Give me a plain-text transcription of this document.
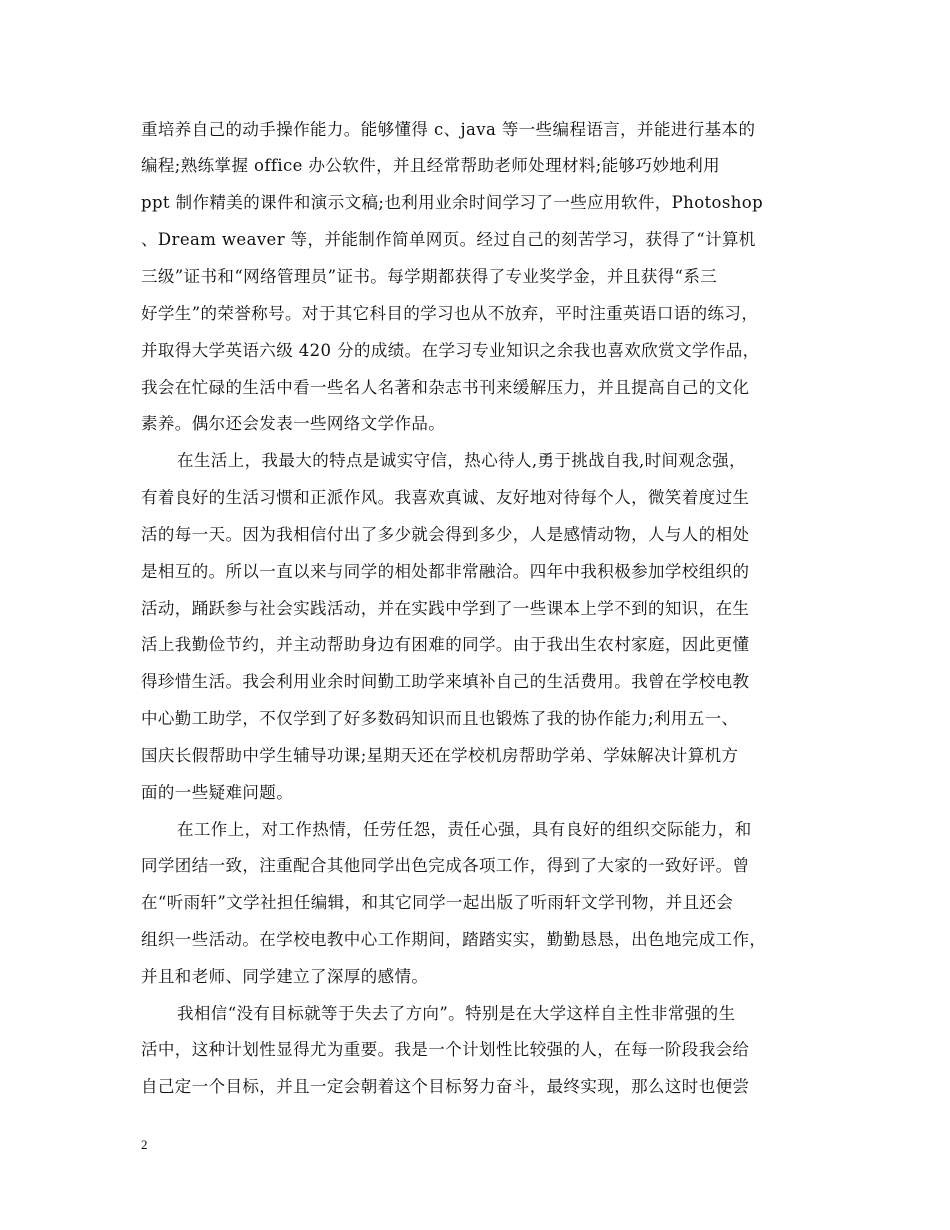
重培养自己的动手操作能力。能够懂得 c、java 等一些编程语言，并能进行基本的
编程;熟练掌握 office 办公软件，并且经常帮助老师处理材料;能够巧妙地利用
ppt 制作精美的课件和演示文稿;也利用业余时间学习了一些应用软件，Photoshop
、Dream weaver 等，并能制作简单网页。经过自己的刻苦学习，获得了“计算机
三级”证书和“网络管理员”证书。每学期都获得了专业奖学金，并且获得“系三
好学生”的荣誉称号。对于其它科目的学习也从不放弃，平时注重英语口语的练习，
并取得大学英语六级 420 分的成绩。在学习专业知识之余我也喜欢欣赏文学作品，
我会在忙碌的生活中看一些名人名著和杂志书刊来缓解压力，并且提高自己的文化
素养。偶尔还会发表一些网络文学作品。
在生活上，我最大的特点是诚实守信，热心待人,勇于挑战自我,时间观念强，
有着良好的生活习惯和正派作风。我喜欢真诚、友好地对待每个人，微笑着度过生
活的每一天。因为我相信付出了多少就会得到多少，人是感情动物，人与人的相处
是相互的。所以一直以来与同学的相处都非常融洽。四年中我积极参加学校组织的
活动，踊跃参与社会实践活动，并在实践中学到了一些课本上学不到的知识，在生
活上我勤俭节约，并主动帮助身边有困难的同学。由于我出生农村家庭，因此更懂
得珍惜生活。我会利用业余时间勤工助学来填补自己的生活费用。我曾在学校电教
中心勤工助学，不仅学到了好多数码知识而且也锻炼了我的协作能力;利用五一、
国庆长假帮助中学生辅导功课;星期天还在学校机房帮助学弟、学妹解决计算机方
面的一些疑难问题。
在工作上，对工作热情，任劳任怨，责任心强，具有良好的组织交际能力，和
同学团结一致，注重配合其他同学出色完成各项工作，得到了大家的一致好评。曾
在“听雨轩”文学社担任编辑，和其它同学一起出版了听雨轩文学刊物，并且还会
组织一些活动。在学校电教中心工作期间，踏踏实实，勤勤恳恳，出色地完成工作，
并且和老师、同学建立了深厚的感情。
我相信“没有目标就等于失去了方向”。特别是在大学这样自主性非常强的生
活中，这种计划性显得尤为重要。我是一个计划性比较强的人，在每一阶段我会给
自己定一个目标，并且一定会朝着这个目标努力奋斗，最终实现，那么这时也便尝
2
